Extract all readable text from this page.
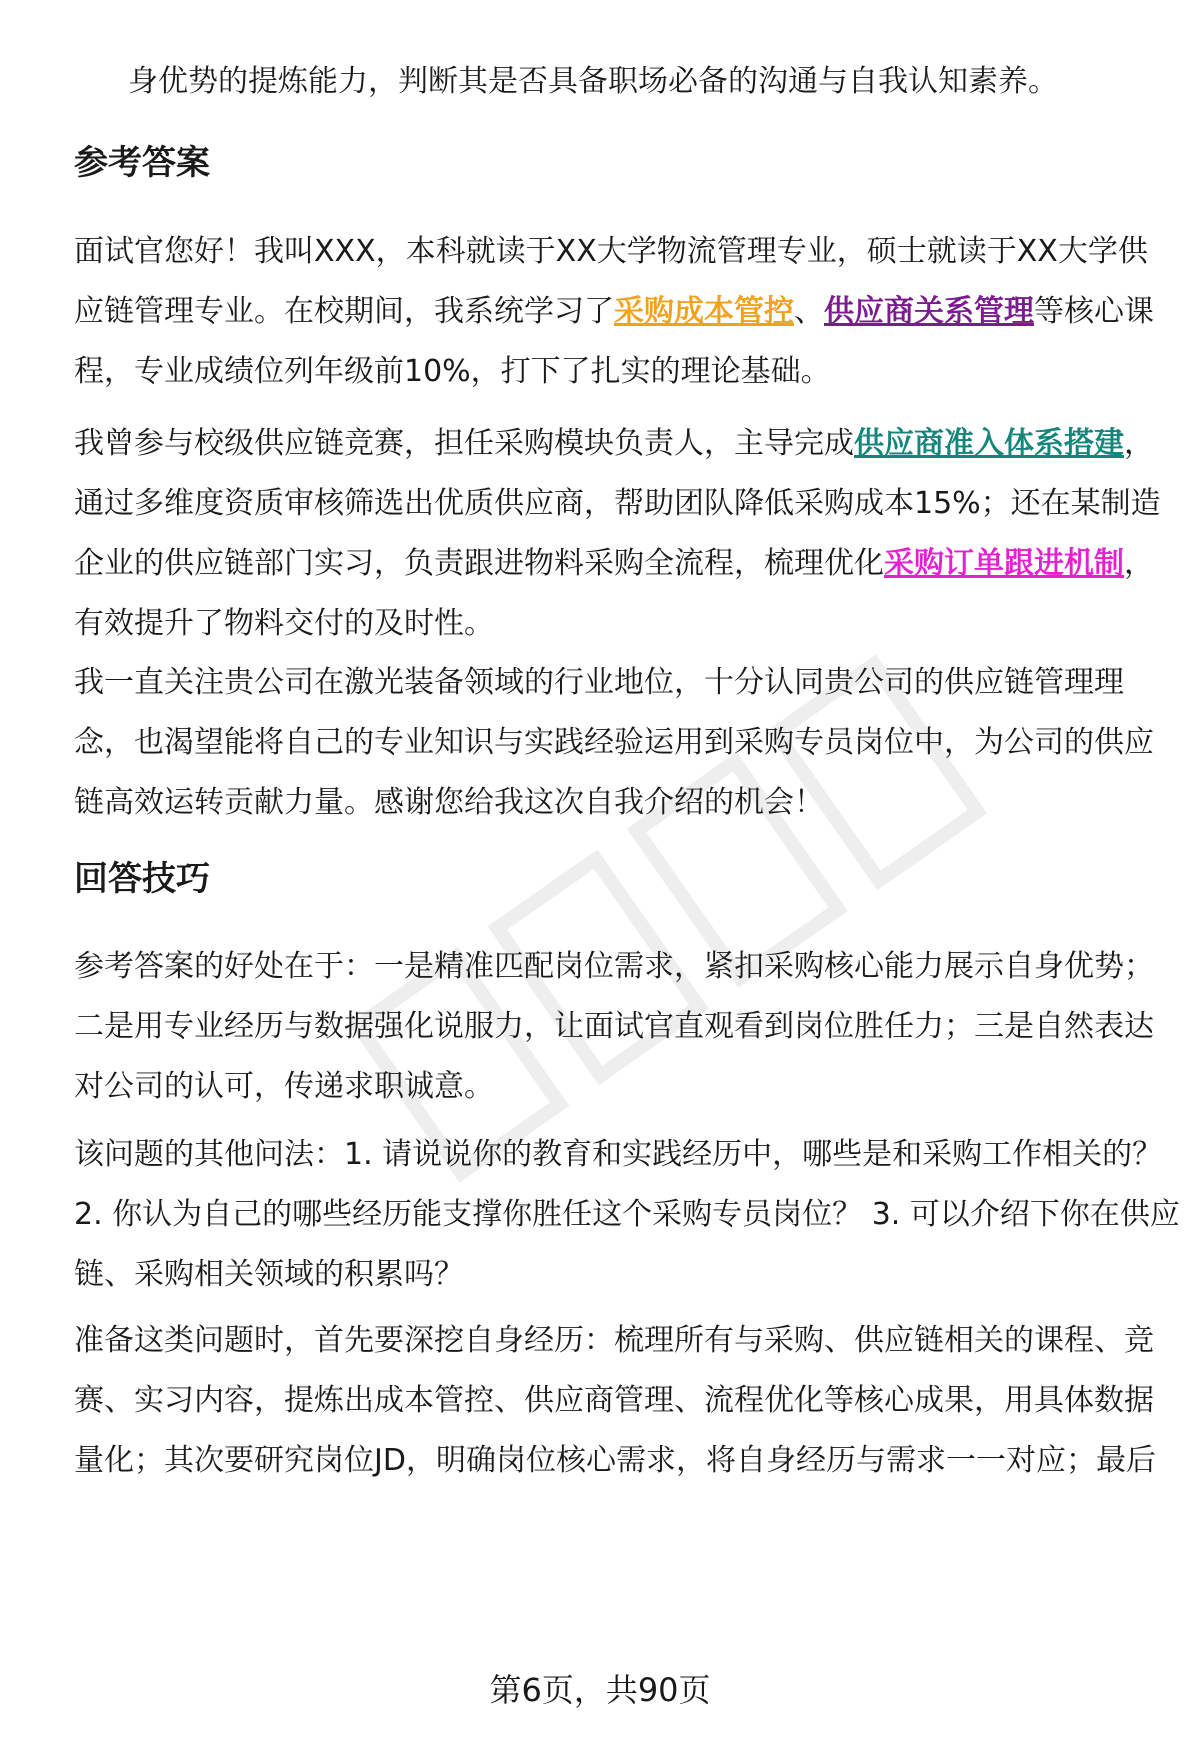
身优势的提炼能力，判断其是否具备职场必备的沟通与自我认知素养。
参考答案
面试官您好！我叫XXX，本科就读于XX大学物流管理专业，硕士就读于XX大学供
应链管理专业。在校期间，我系统学习了采购成本管控、供应商关系管理等核心课
程，专业成绩位列年级前10%，打下了扎实的理论基础。
我曾参与校级供应链竞赛，担任采购模块负责人，主导完成供应商准入体系搭建，
通过多维度资质审核筛选出优质供应商，帮助团队降低采购成本15%；还在某制造
企业的供应链部门实习，负责跟进物料采购全流程，梳理优化采购订单跟进机制，
有效提升了物料交付的及时性。
我一直关注贵公司在激光装备领域的行业地位，十分认同贵公司的供应链管理理
念，也渴望能将自己的专业知识与实践经验运用到采购专员岗位中，为公司的供应
链高效运转贡献力量。感谢您给我这次自我介绍的机会！
回答技巧
参考答案的好处在于：一是精准匹配岗位需求，紧扣采购核心能力展示自身优势；
二是用专业经历与数据强化说服力，让面试官直观看到岗位胜任力；三是自然表达
对公司的认可，传递求职诚意。
该问题的其他问法：1. 请说说你的教育和实践经历中，哪些是和采购工作相关的？
2. 你认为自己的哪些经历能支撑你胜任这个采购专员岗位？ 3. 可以介绍下你在供应
链、采购相关领域的积累吗？
准备这类问题时，首先要深挖自身经历：梳理所有与采购、供应链相关的课程、竞
赛、实习内容，提炼出成本管控、供应商管理、流程优化等核心成果，用具体数据
量化；其次要研究岗位JD，明确岗位核心需求，将自身经历与需求一一对应；最后
第6页，共90页
